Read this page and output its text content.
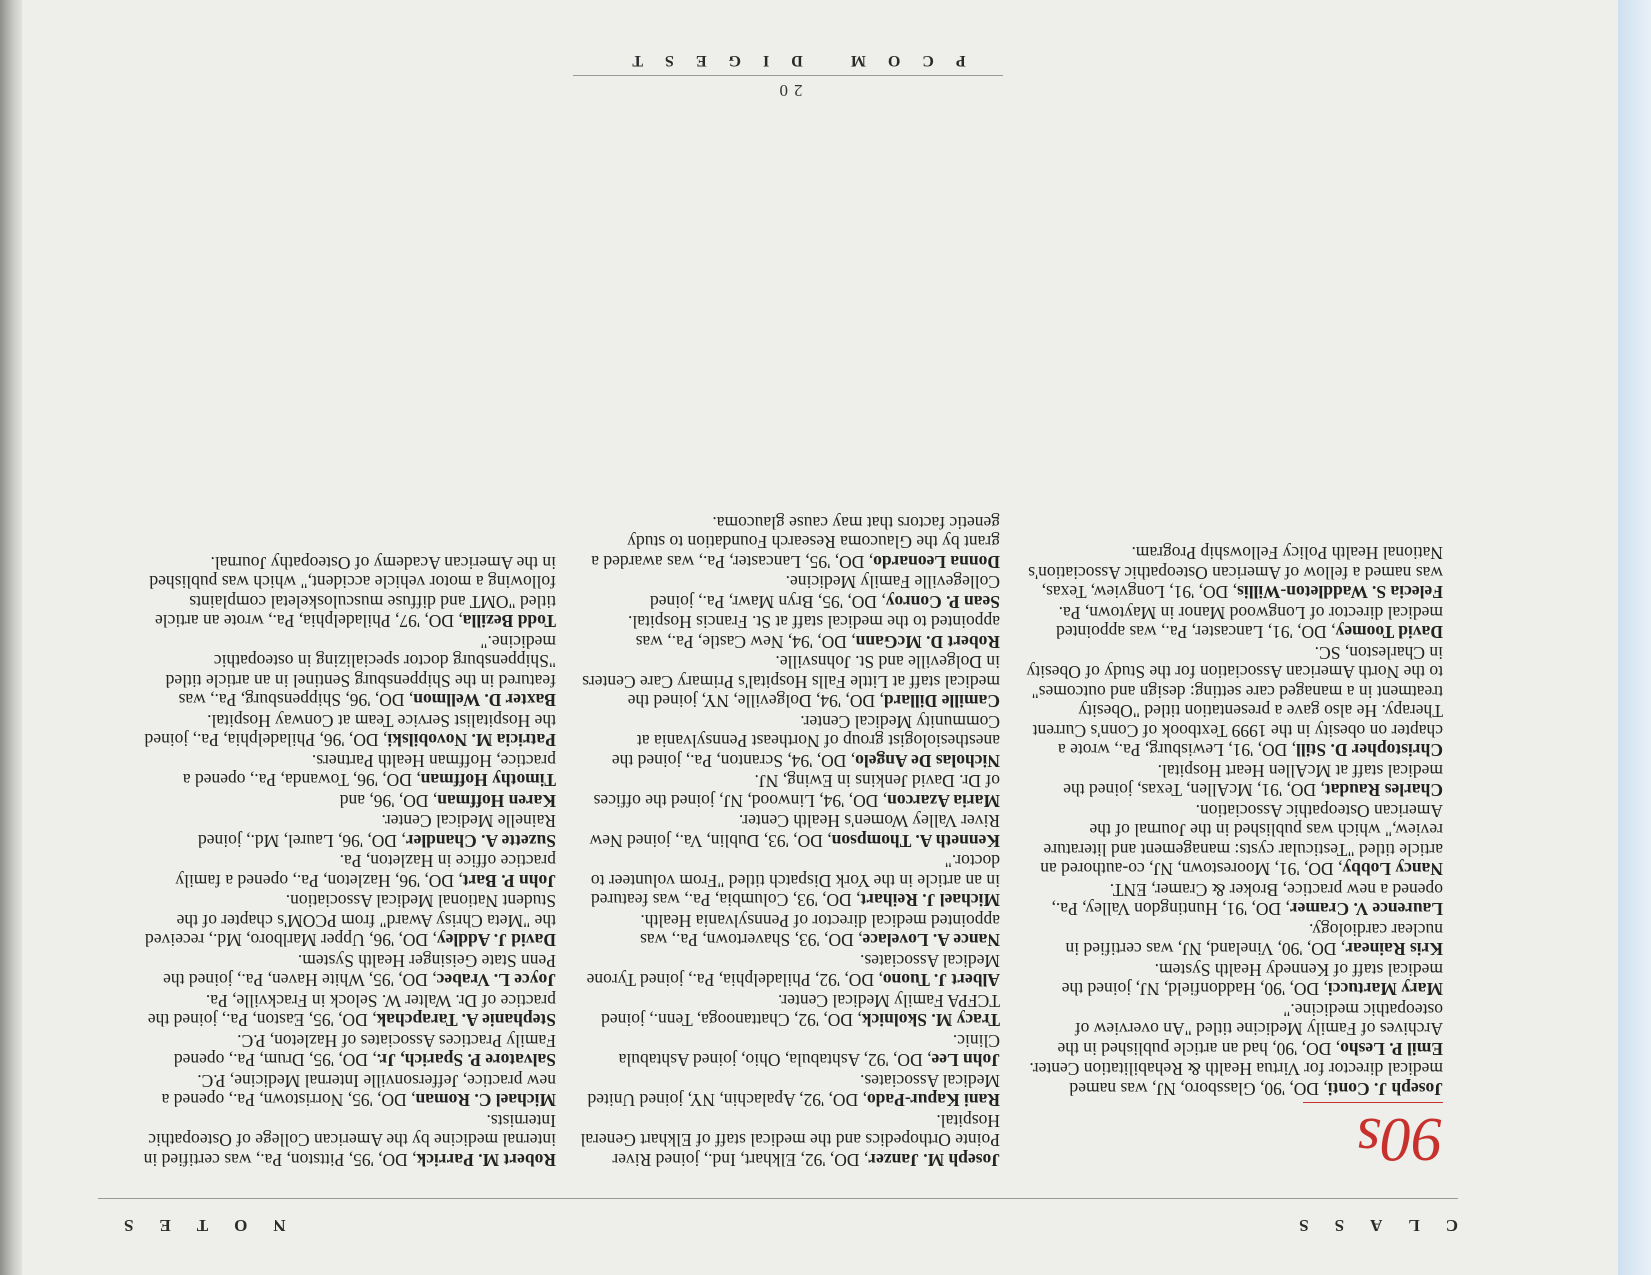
CLASS
NOTES
90s
Joseph J. Conti, DO, '90, Glassboro, NJ, was named medical director for Virtua Health & Rehabilitation Center.
Emil P. Lesho, DO, '90, had an article published in the Archives of Family Medicine titled "An overview of osteopathic medicine."
Mary Martucci, DO, '90, Haddonfield, NJ, joined the medical staff of Kennedy Health System.
Kris Rainear, DO, '90, Vineland, NJ, was certified in nuclear cardiology.
Laurence V. Cramer, DO, '91, Huntingdon Valley, Pa., opened a new practice, Broker & Cramer, ENT.
Nancy Lobby, DO, '91, Moorestown, NJ, co-authored an article titled "Testicular cysts: management and literature review," which was published in the Journal of the American Osteopathic Association.
Charles Raudat, DO, '91, McAllen, Texas, joined the medical staff at McAllen Heart Hospital.
Christopher D. Still, DO, '91, Lewisburg, Pa., wrote a chapter on obesity in the 1999 Textbook of Conn's Current Therapy. He also gave a presentation titled "Obesity treatment in a managed care setting: design and outcomes" to the North American Association for the Study of Obesity in Charleston, SC.
David Toomey, DO, '91, Lancaster, Pa., was appointed medical director of Longwood Manor in Maytown, Pa.
Felecia S. Waddleton-Willis, DO, '91, Longview, Texas, was named a fellow of American Osteopathic Association's National Health Policy Fellowship Program.
Joseph M. Janzer, DO, '92, Elkhart, Ind., joined River Pointe Orthopedics and the medical staff of Elkhart General Hospital.
Rani Kapur-Pado, DO, '92, Apalachin, NY, joined United Medical Associates.
John Lee, DO, '92, Ashtabula, Ohio, joined Ashtabula Clinic.
Tracy M. Skolnick, DO, '92, Chattanooga, Tenn., joined TCFPA Family Medical Center.
Albert J. Tuono, DO, '92, Philadelphia, Pa., joined Tyrone Medical Associates.
Nance A. Lovelace, DO, '93, Shavertown, Pa., was appointed medical director of Pennsylvania Health.
Michael J. Reihart, DO, '93, Columbia, Pa., was featured in an article in the York Dispatch titled "From volunteer to doctor."
Kenneth A. Thompson, DO, '93, Dublin, Va., joined New River Valley Women's Health Center.
Maria Azarcon, DO, '94, Linwood, NJ, joined the offices of Dr. David Jenkins in Ewing, NJ.
Nicholas De Angelo, DO, '94, Scranton, Pa., joined the anesthesiologist group of Northeast Pennsylvania at Community Medical Center.
Camille Dillard, DO, '94, Dolgeville, NY, joined the medical staff at Little Falls Hospital's Primary Care Centers in Dolgeville and St. Johnsville.
Robert D. McGann, DO, '94, New Castle, Pa., was appointed to the medical staff at St. Francis Hospital.
Sean P. Conroy, DO, '95, Bryn Mawr, Pa., joined Collegeville Family Medicine.
Donna Leonardo, DO, '95, Lancaster, Pa., was awarded a grant by the Glaucoma Research Foundation to study genetic factors that may cause glaucoma.
Robert M. Parrick, DO, '95, Pittston, Pa., was certified in internal medicine by the American College of Osteopathic Internists.
Michael C. Roman, DO, '95, Norristown, Pa., opened a new practice, Jeffersonville Internal Medicine, P.C.
Salvatore P. Sparich, Jr., DO, '95, Drum, Pa., opened Family Practices Associates of Hazleton, P.C.
Stephanie A. Tarapchak, DO, '95, Easton, Pa., joined the practice of Dr. Walter W. Selock in Frackville, Pa.
Joyce L. Vrabec, DO, '95, White Haven, Pa., joined the Penn State Geisinger Health System.
David J. Addley, DO, '96, Upper Marlboro, Md., received the "Meta Chrisy Award" from PCOM's chapter of the Student National Medical Association.
John P. Bart, DO, '96, Hazleton, Pa., opened a family practice office in Hazleton, Pa.
Suzette A. Chandler, DO, '96, Laurel, Md., joined Rainelle Medical Center.
Karen Hoffman, DO, '96, and
Timothy Hoffman, DO, '96, Towanda, Pa., opened a practice, Hoffman Health Partners.
Patricia M. Novobilski, DO, '96, Philadelphia, Pa., joined the Hospitalist Service Team at Conway Hospital.
Baxter D. Wellmon, DO, '96, Shippensburg, Pa., was featured in the Shippensburg Sentinel in an article titled "Shippensburg doctor specializing in osteopathic medicine."
Todd Bezilla, DO, '97, Philadelphia, Pa., wrote an article titled "OMT and diffuse musculoskeletal complaints following a motor vehicle accident," which was published in the American Academy of Osteopathy Journal.
20
PCOM DIGEST
